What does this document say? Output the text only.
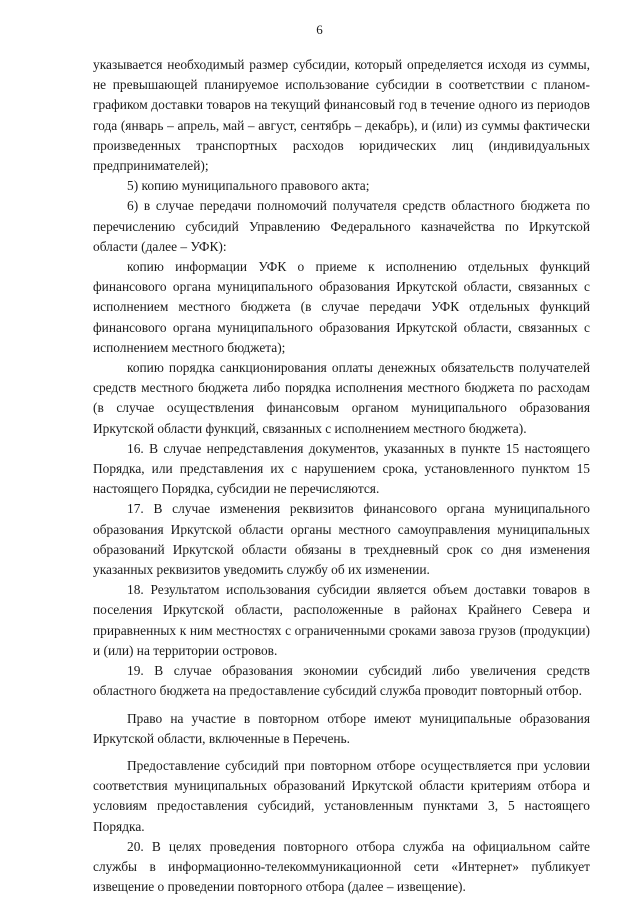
6

указывается необходимый размер субсидии, который определяется исходя из суммы, не превышающей планируемое использование субсидии в соответствии с планом-графиком доставки товаров на текущий финансовый год в течение одного из периодов года (январь – апрель, май – август, сентябрь – декабрь), и (или) из суммы фактически произведенных транспортных расходов юридических лиц (индивидуальных предпринимателей);

5) копию муниципального правового акта;

6) в случае передачи полномочий получателя средств областного бюджета по перечислению субсидий Управлению Федерального казначейства по Иркутской области (далее – УФК):

копию информации УФК о приеме к исполнению отдельных функций финансового органа муниципального образования Иркутской области, связанных с исполнением местного бюджета (в случае передачи УФК отдельных функций финансового органа муниципального образования Иркутской области, связанных с исполнением местного бюджета);

копию порядка санкционирования оплаты денежных обязательств получателей средств местного бюджета либо порядка исполнения местного бюджета по расходам (в случае осуществления финансовым органом муниципального образования Иркутской области функций, связанных с исполнением местного бюджета).

16. В случае непредставления документов, указанных в пункте 15 настоящего Порядка, или представления их с нарушением срока, установленного пунктом 15 настоящего Порядка, субсидии не перечисляются.

17. В случае изменения реквизитов финансового органа муниципального образования Иркутской области органы местного самоуправления муниципальных образований Иркутской области обязаны в трехдневный срок со дня изменения указанных реквизитов уведомить службу об их изменении.

18. Результатом использования субсидии является объем доставки товаров в поселения Иркутской области, расположенные в районах Крайнего Севера и приравненных к ним местностях с ограниченными сроками завоза грузов (продукции) и (или) на территории островов.

19. В случае образования экономии субсидий либо увеличения средств областного бюджета на предоставление субсидий служба проводит повторный отбор.

Право на участие в повторном отборе имеют муниципальные образования Иркутской области, включенные в Перечень.

Предоставление субсидий при повторном отборе осуществляется при условии соответствия муниципальных образований Иркутской области критериям отбора и условиям предоставления субсидий, установленным пунктами 3, 5 настоящего Порядка.

20. В целях проведения повторного отбора служба на официальном сайте службы в информационно-телекоммуникационной сети «Интернет» публикует извещение о проведении повторного отбора (далее – извещение).
